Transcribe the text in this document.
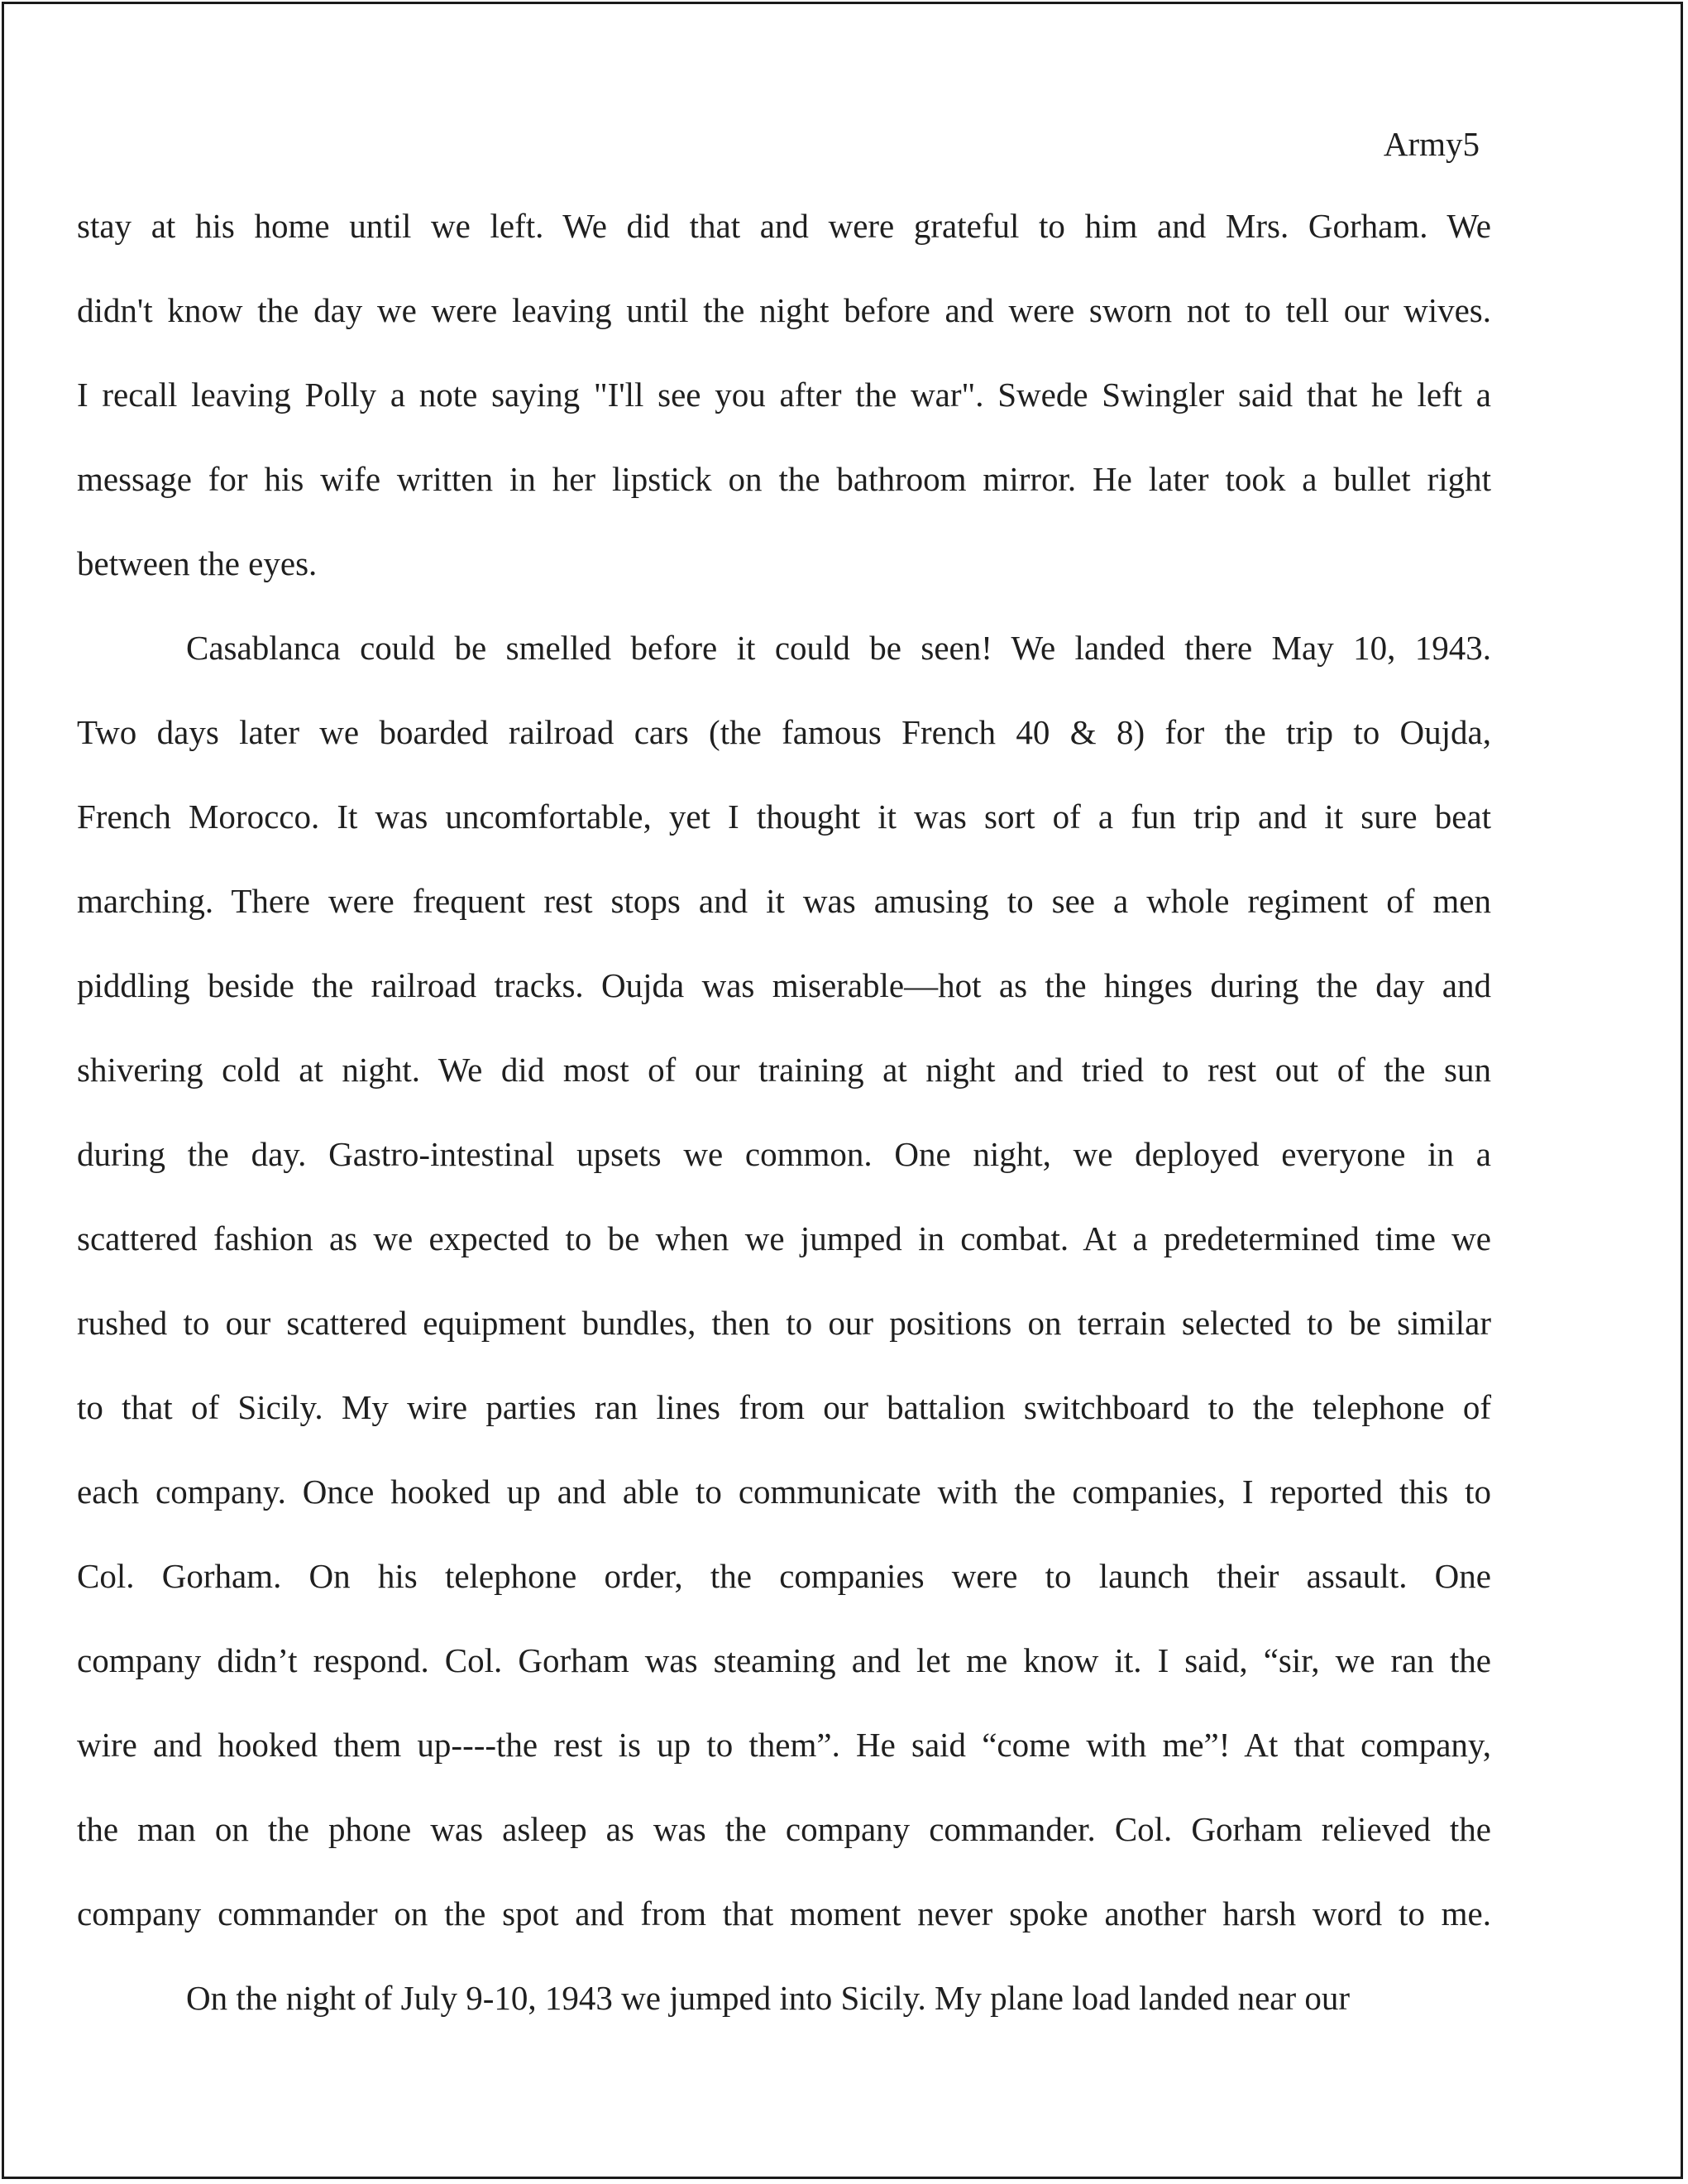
Army5
stay at his home until we left. We did that and were grateful to him and Mrs. Gorham. We
didn't know the day we were leaving until the night before and were sworn not to tell our wives.
I recall leaving Polly a note saying "I'll see you after the war". Swede Swingler said that he left a
message for his wife written in her lipstick on the bathroom mirror. He later took a bullet right
between the eyes.
Casablanca could be smelled before it could be seen! We landed there May 10, 1943.
Two days later we boarded railroad cars (the famous French 40 & 8) for the trip to Oujda,
French Morocco. It was uncomfortable, yet I thought it was sort of a fun trip and it sure beat
marching. There were frequent rest stops and it was amusing to see a whole regiment of men
piddling beside the railroad tracks. Oujda was miserable—hot as the hinges during the day and
shivering cold at night. We did most of our training at night and tried to rest out of the sun
during the day. Gastro-intestinal upsets we common. One night, we deployed everyone in a
scattered fashion as we expected to be when we jumped in combat. At a predetermined time we
rushed to our scattered equipment bundles, then to our positions on terrain selected to be similar
to that of Sicily. My wire parties ran lines from our battalion switchboard to the telephone of
each company. Once hooked up and able to communicate with the companies, I reported this to
Col. Gorham. On his telephone order, the companies were to launch their assault. One
company didn’t respond. Col. Gorham was steaming and let me know it. I said, “sir, we ran the
wire and hooked them up----the rest is up to them”. He said “come with me”! At that company,
the man on the phone was asleep as was the company commander. Col. Gorham relieved the
company commander on the spot and from that moment never spoke another harsh word to me.
On the night of July 9-10, 1943 we jumped into Sicily. My plane load landed near our
